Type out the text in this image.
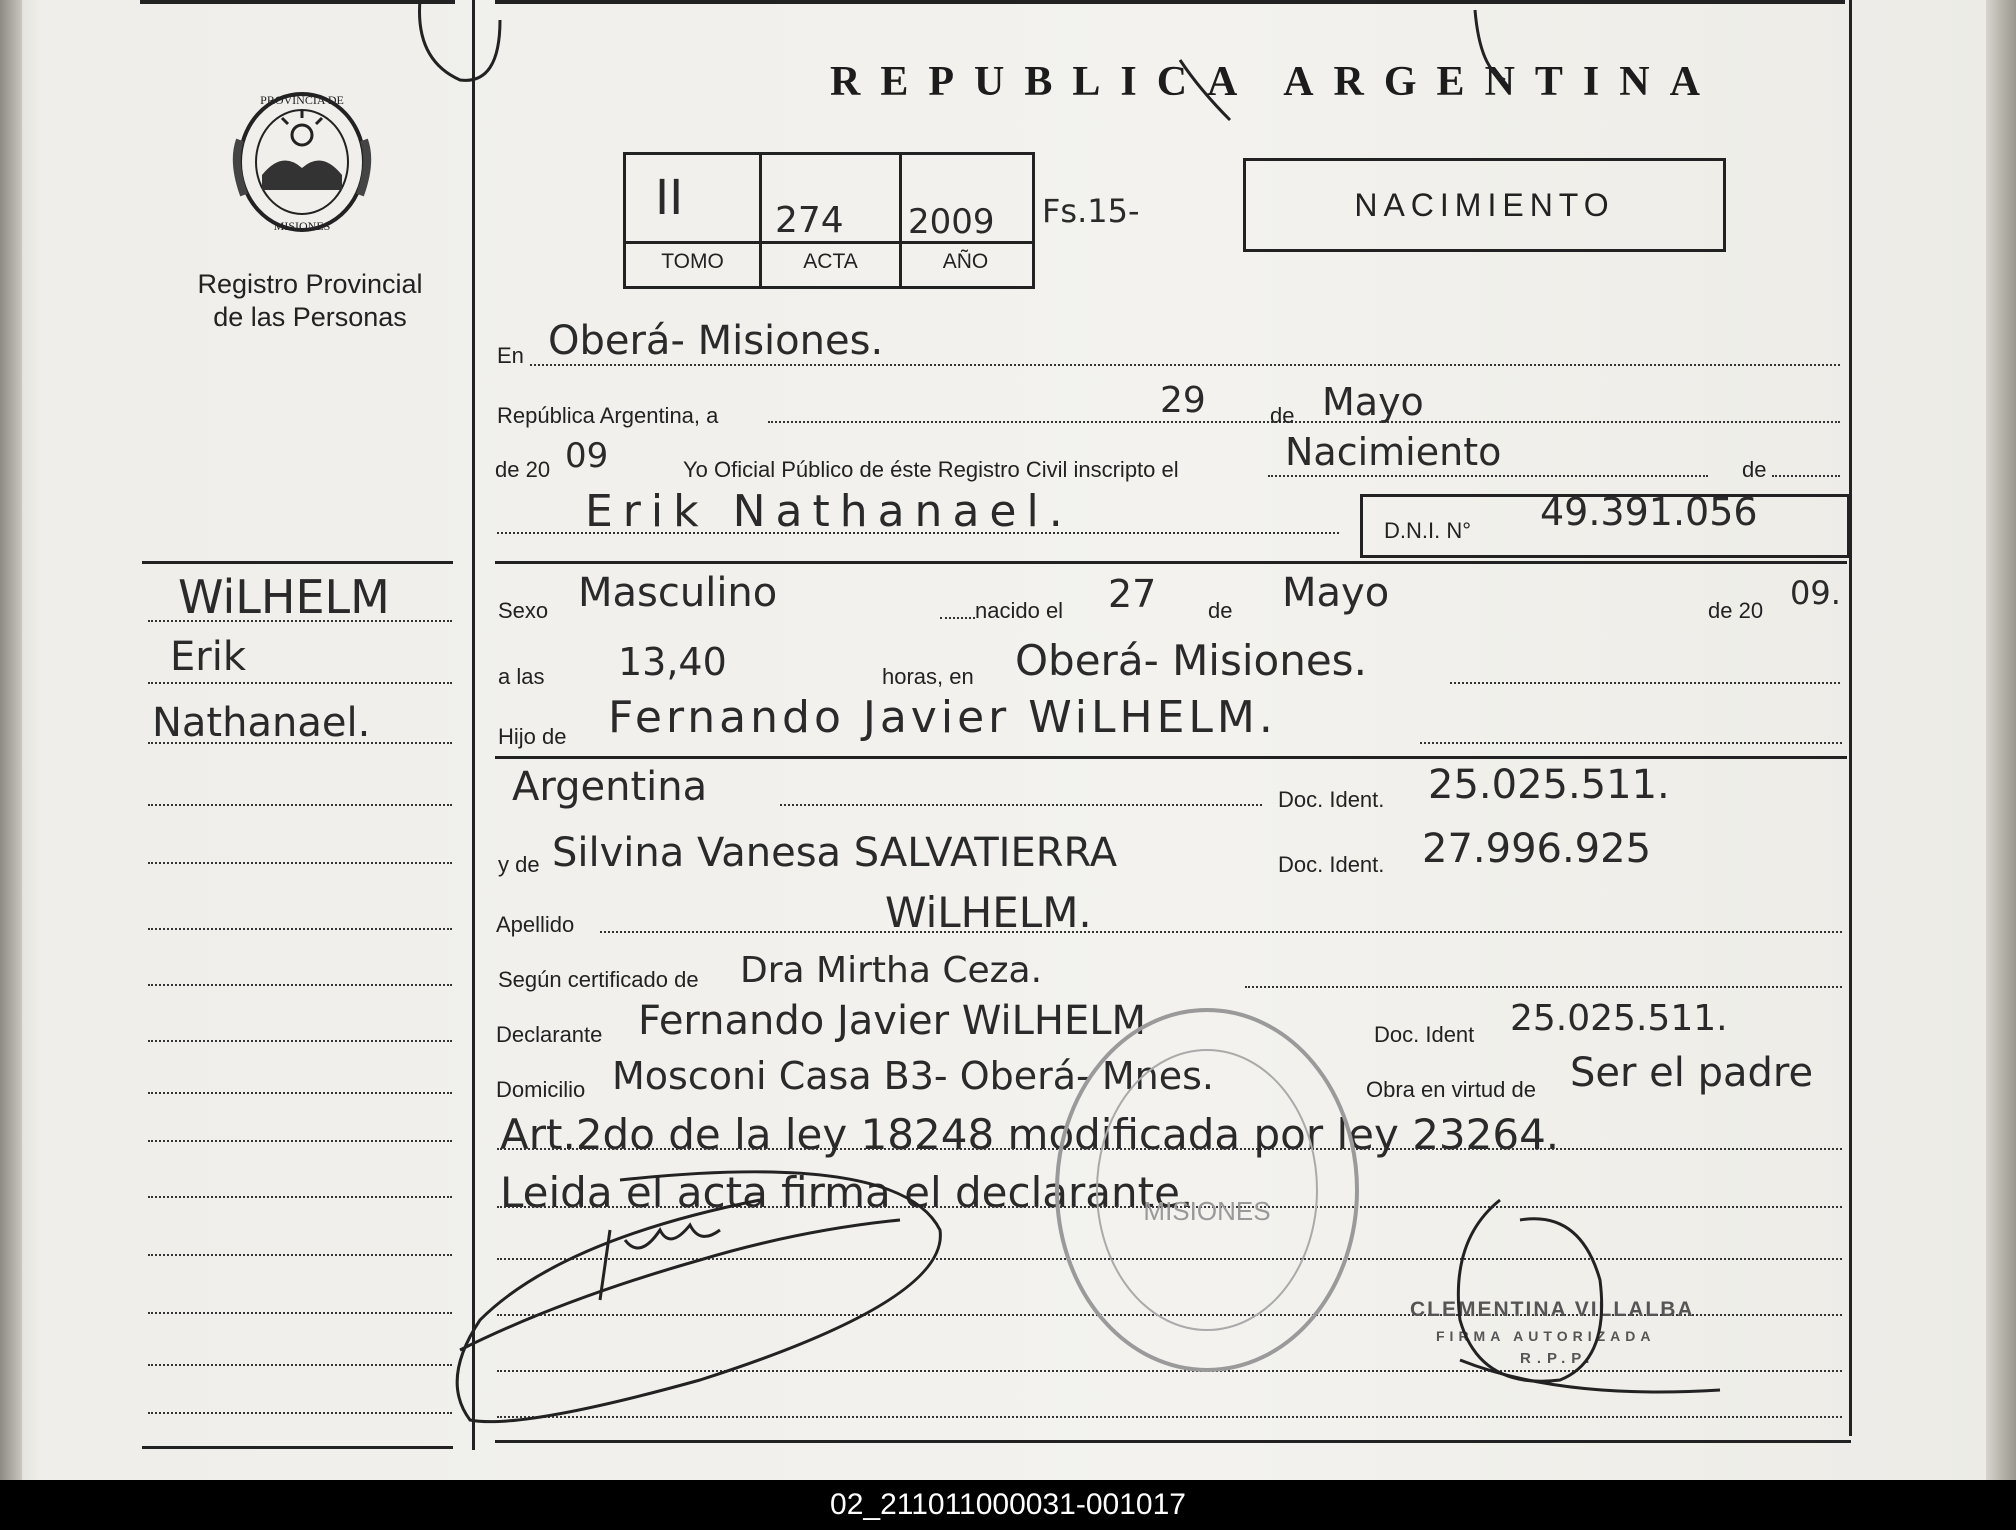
PROVINCIA DE
MISIONES
Registro Provincial
de las Personas
REPUBLICA ARGENTINA
II	274 2009 Fs.15-
TOMO	ACTA	AÑO
NACIMIENTO
En Oberá- Misiones.
República Argentina, a	29	de Mayo
de 20 09	Yo Oficial Público de éste Registro Civil inscripto el	Nacimiento	de
Erik Nathanael.	D.N.I. N° 49.391.056
Sexo Masculino	nacido el 27 de Mayo	de 20 09.
a las 13,40	horas, en Oberá- Misiones.
Hijo de Fernando Javier WiLHELM.
Argentina	Doc. Ident. 25.025.511.
y de Silvina Vanesa SALVATIERRA	Doc. Ident. 27.996.925
Apellido	WiLHELM.
Según certificado de Dra Mirtha Ceza.
Declarante Fernando Javier WiLHELM	Doc. Ident 25.025.511.
Domicilio Mosconi Casa B3- Oberá- Mnes.	Obra en virtud de Ser el padre
Art.2do de la ley 18248 modificada por ley 23264.
Leida el acta firma el declarante.
WiLHELM
Erik
Nathanael.
MISIONES
CLEMENTINA VILLALBA
FIRMA AUTORIZADA
R.P.P.
02_211011000031-001017
